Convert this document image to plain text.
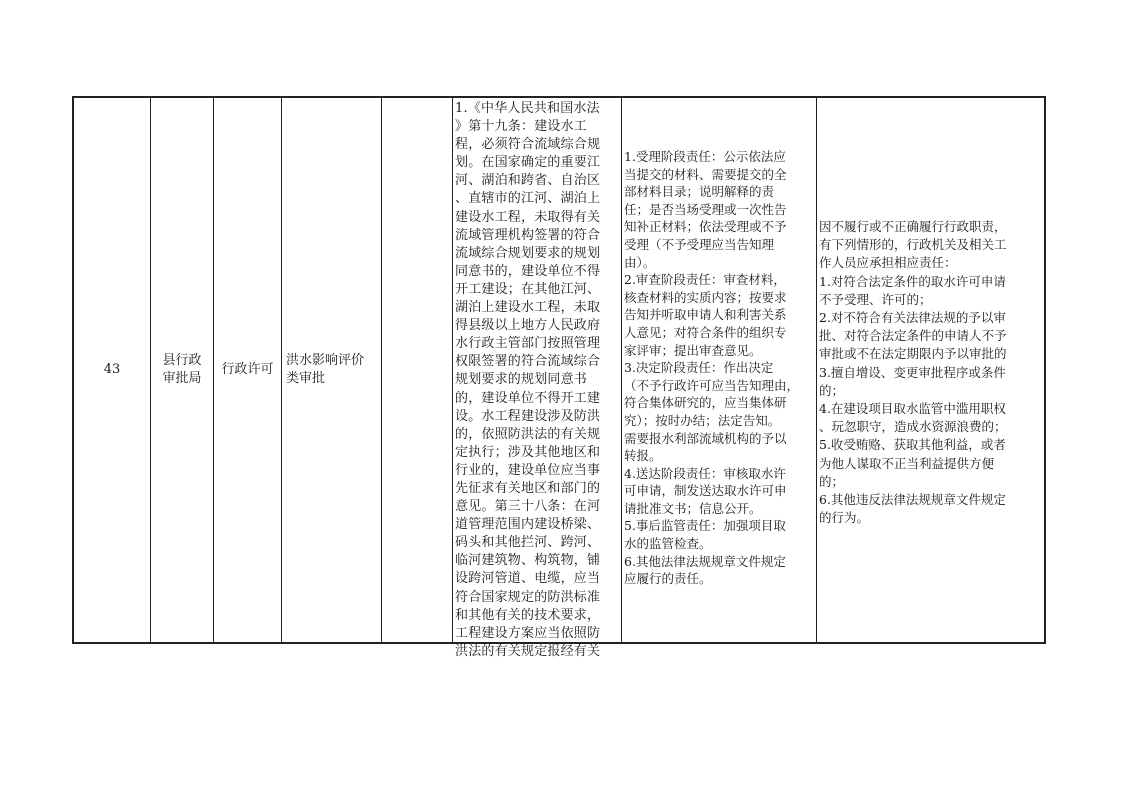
43
县行政
审批局
行政许可
洪水影响评价
类审批
1.《中华人民共和国水法
》第十九条：建设水工
程，必须符合流域综合规
划。在国家确定的重要江
河、湖泊和跨省、自治区
、直辖市的江河、湖泊上
建设水工程，未取得有关
流域管理机构签署的符合
流域综合规划要求的规划
同意书的，建设单位不得
开工建设；在其他江河、
湖泊上建设水工程，未取
得县级以上地方人民政府
水行政主管部门按照管理
权限签署的符合流域综合
规划要求的规划同意书
的，建设单位不得开工建
设。水工程建设涉及防洪
的，依照防洪法的有关规
定执行；涉及其他地区和
行业的，建设单位应当事
先征求有关地区和部门的
意见。第三十八条：在河
道管理范围内建设桥梁、
码头和其他拦河、跨河、
临河建筑物、构筑物，铺
设跨河管道、电缆，应当
符合国家规定的防洪标准
和其他有关的技术要求，
工程建设方案应当依照防
洪法的有关规定报经有关
1.受理阶段责任：公示依法应
当提交的材料、需要提交的全
部材料目录；说明解释的责
任；是否当场受理或一次性告
知补正材料；依法受理或不予
受理（不予受理应当告知理
由）。
2.审查阶段责任：审查材料，
核查材料的实质内容；按要求
告知并听取申请人和利害关系
人意见；对符合条件的组织专
家评审；提出审查意见。
3.决定阶段责任：作出决定
（不予行政许可应当告知理由，
符合集体研究的，应当集体研
究）；按时办结；法定告知。
需要报水利部流域机构的予以
转报。
4.送达阶段责任：审核取水许
可申请，制发送达取水许可申
请批准文书；信息公开。
5.事后监管责任：加强项目取
水的监管检查。
6.其他法律法规规章文件规定
应履行的责任。
因不履行或不正确履行行政职责，
有下列情形的，行政机关及相关工
作人员应承担相应责任：
1.对符合法定条件的取水许可申请
不予受理、许可的；
2.对不符合有关法律法规的予以审
批、对符合法定条件的申请人不予
审批或不在法定期限内予以审批的
3.擅自增设、变更审批程序或条件
的；
4.在建设项目取水监管中滥用职权
、玩忽职守，造成水资源浪费的；
5.收受贿赂、获取其他利益，或者
为他人谋取不正当利益提供方便
的；
6.其他违反法律法规规章文件规定
的行为。
